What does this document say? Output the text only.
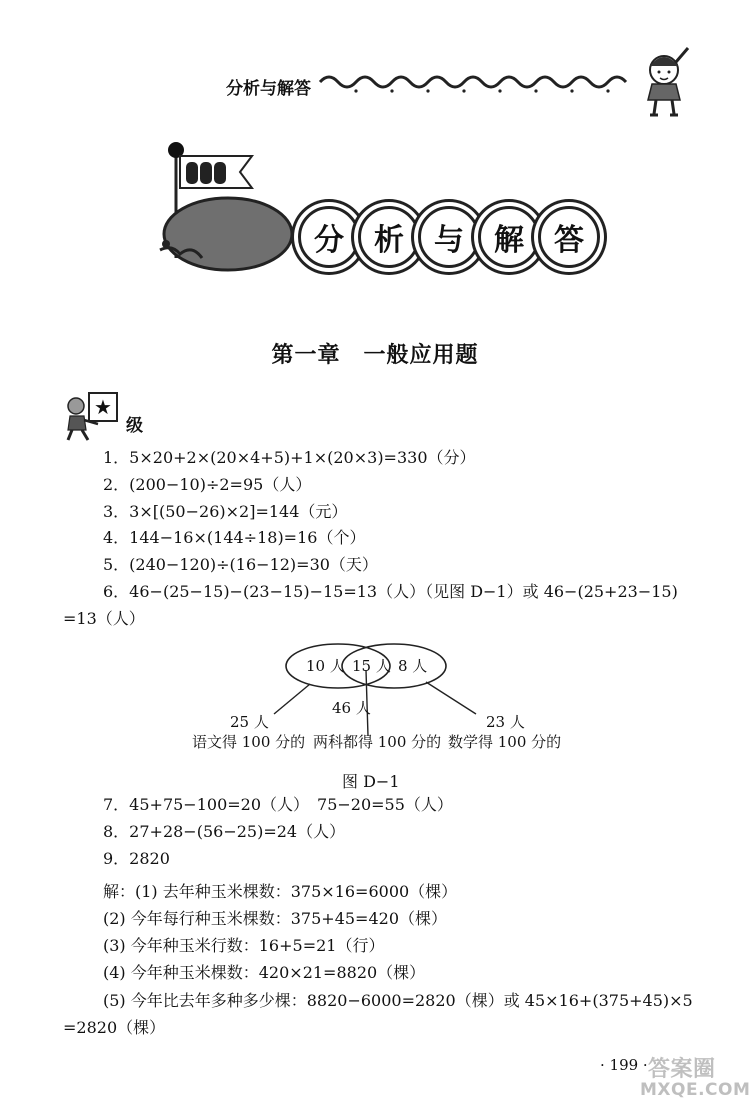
分析与解答
分 析 与 解 答
第一章　一般应用题
★
级
1．5×20+2×(20×4+5)+1×(20×3)=330（分）
2．(200−10)÷2=95（人）
3．3×[(50−26)×2]=144（元）
4．144−16×(144÷18)=16（个）
5．(240−120)÷(16−12)=30（天）
6．46−(25−15)−(23−15)−15=13（人）（见图 D−1）或 46−(25+23−15)
=13（人）
10 人 15 人 8 人
46 人
25 人	23 人
语文得 100 分的 两科都得 100 分的 数学得 100 分的
图 D−1
7．45+75−100=20（人）　75−20=55（人）
8．27+28−(56−25)=24（人）
9．2820
解：(1) 去年种玉米棵数：375×16=6000（棵）
(2) 今年每行种玉米棵数：375+45=420（棵）
(3) 今年种玉米行数：16+5=21（行）
(4) 今年种玉米棵数：420×21=8820（棵）
(5) 今年比去年多种多少棵：8820−6000=2820（棵）或 45×16+(375+45)×5
=2820（棵）
· 199 · 答案圈
MXQE.COM
